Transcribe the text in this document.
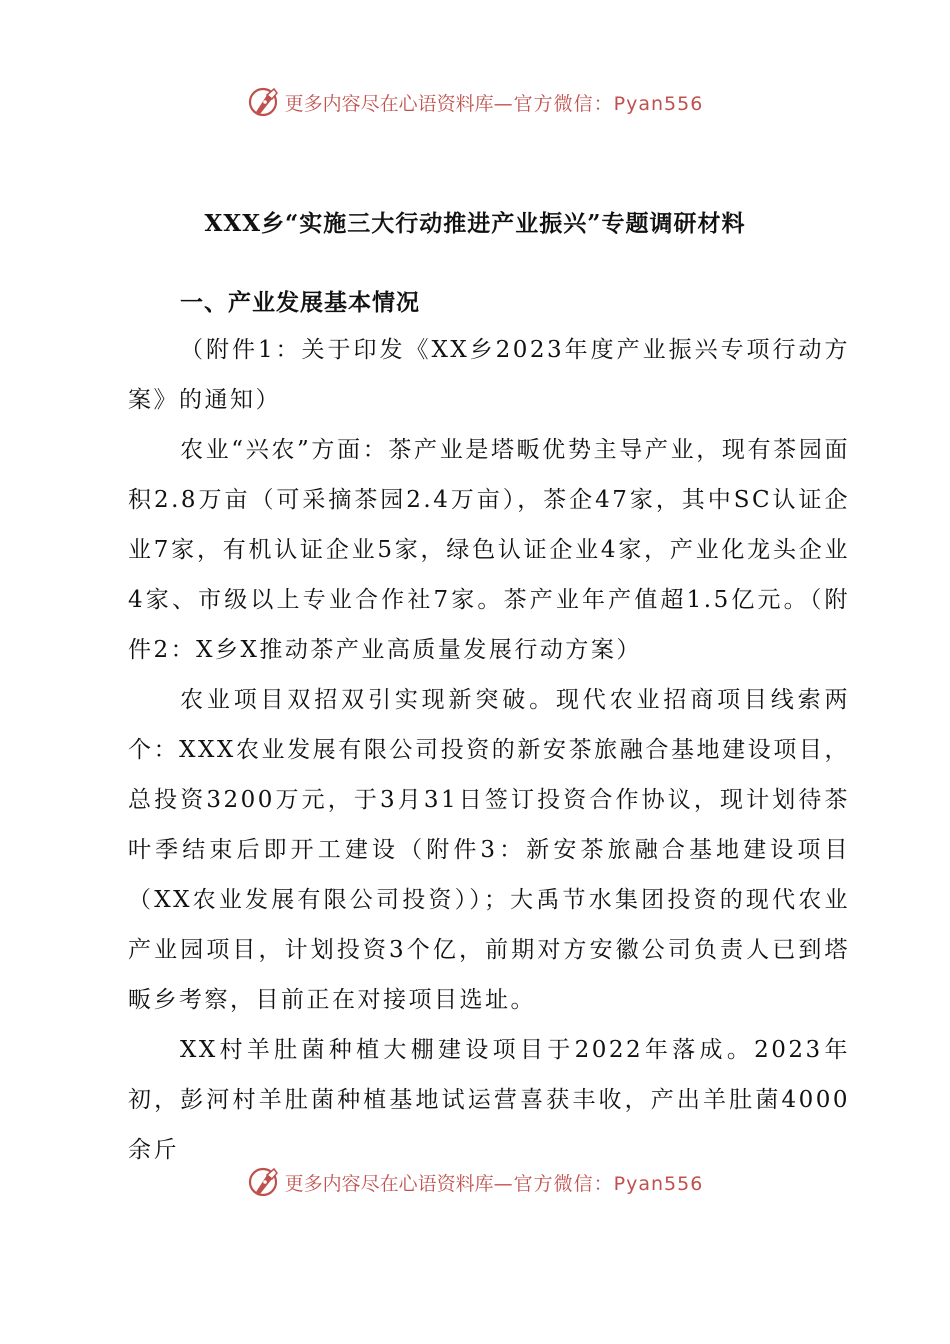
更多内容尽在心语资料库 —官方微信：Pyan556
XXX乡“实施三大行动推进产业振兴”专题调研材料
一、产业发展基本情况

（附件1：关于印发《XX乡2023年度产业振兴专项行动方案》的通知）

农业“兴农”方面：茶产业是塔畈优势主导产业，现有茶园面积2.8万亩（可采摘茶园2.4万亩），茶企47家，其中SC认证企业7家，有机认证企业5家，绿色认证企业4家，产业化龙头企业4家、市级以上专业合作社7家。茶产业年产值超1.5亿元。（附件2：X乡X推动茶产业高质量发展行动方案）

农业项目双招双引实现新突破。现代农业招商项目线索两个：XXX农业发展有限公司投资的新安茶旅融合基地建设项目，总投资3200万元，于3月31日签订投资合作协议，现计划待茶叶季结束后即开工建设（附件3：新安茶旅融合基地建设项目（XX农业发展有限公司投资））；大禹节水集团投资的现代农业产业园项目，计划投资3个亿，前期对方安徽公司负责人已到塔畈乡考察，目前正在对接项目选址。

XX村羊肚菌种植大棚建设项目于2022年落成。2023年初，彭河村羊肚菌种植基地试运营喜获丰收，产出羊肚菌4000余斤

更多内容尽在心语资料库 —官方微信：Pyan556
